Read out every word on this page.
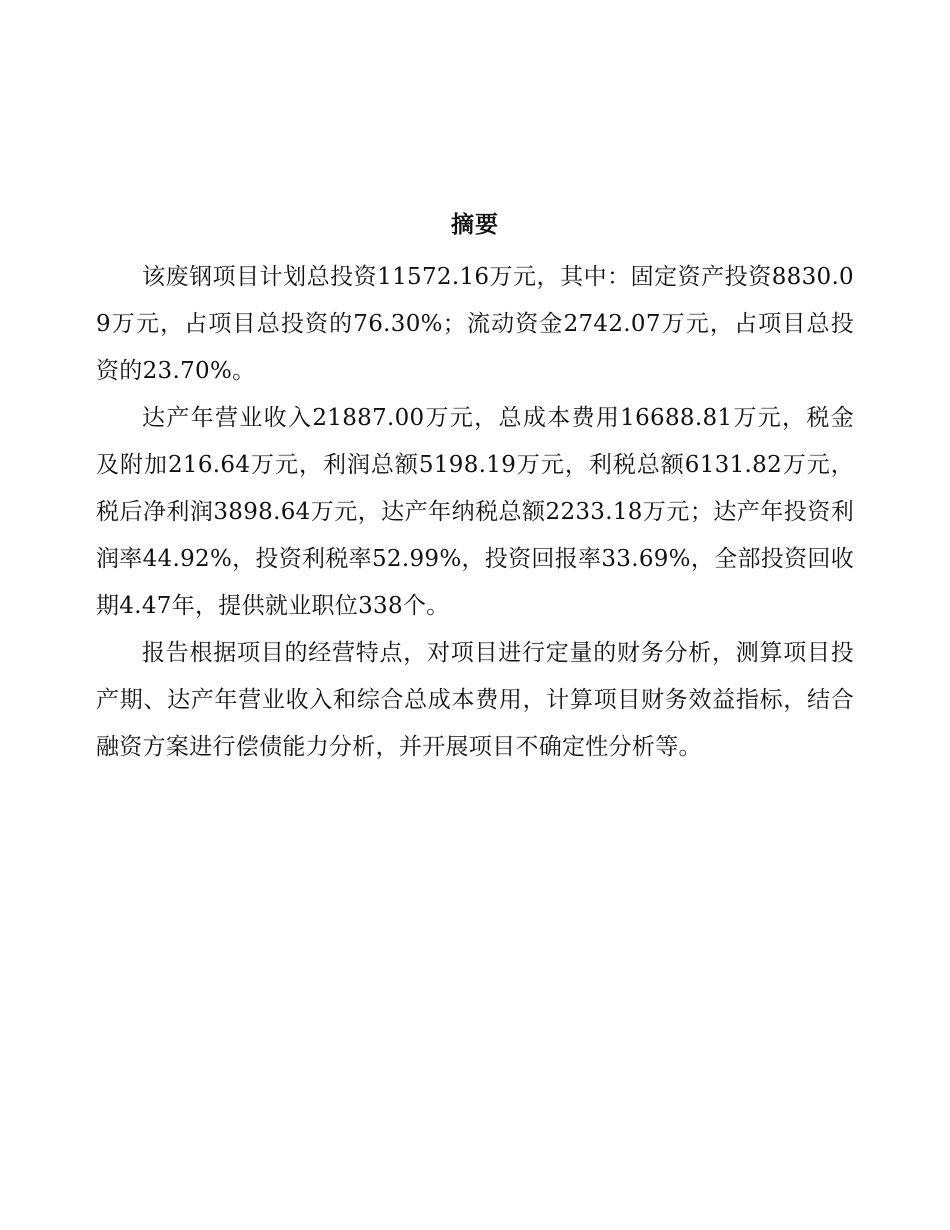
摘要

该废钢项目计划总投资11572.16万元，其中：固定资产投资8830.09万元，占项目总投资的76.30%；流动资金2742.07万元，占项目总投资的23.70%。

达产年营业收入21887.00万元，总成本费用16688.81万元，税金及附加216.64万元，利润总额5198.19万元，利税总额6131.82万元，税后净利润3898.64万元，达产年纳税总额2233.18万元；达产年投资利润率44.92%，投资利税率52.99%，投资回报率33.69%，全部投资回收期4.47年，提供就业职位338个。

报告根据项目的经营特点，对项目进行定量的财务分析，测算项目投产期、达产年营业收入和综合总成本费用，计算项目财务效益指标，结合融资方案进行偿债能力分析，并开展项目不确定性分析等。
